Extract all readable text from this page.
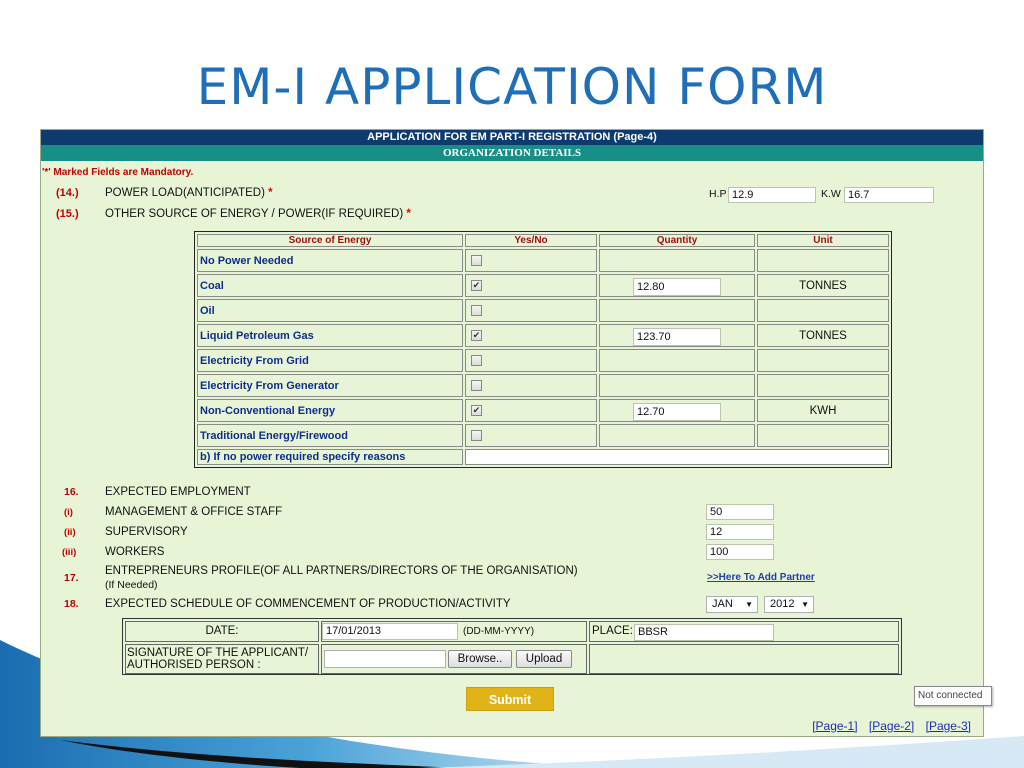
EM-I APPLICATION FORM
APPLICATION FOR EM PART-I REGISTRATION (Page-4)
ORGANIZATION DETAILS
'*' Marked Fields are Mandatory.
(14.) POWER LOAD(ANTICIPATED) *	H.P 12.9	K.W 16.7
(15.) OTHER SOURCE OF ENERGY / POWER(IF REQUIRED) *
Source of Energy	Yes/No	Quantity	Unit
No Power Needed			
Coal	✔	12.80	TONNES
Oil			
Liquid Petroleum Gas	✔	123.70	TONNES
Electricity From Grid			
Electricity From Generator			
Non-Conventional Energy	✔	12.70	KWH
Traditional Energy/Firewood			
b) If no power required specify reasons			
16. EXPECTED EMPLOYMENT
(i)	MANAGEMENT & OFFICE STAFF	50
(ii)	SUPERVISORY	12
(iii)	WORKERS	100
17.
ENTREPRENEURS PROFILE(OF ALL PARTNERS/DIRECTORS OF THE ORGANISATION)
(If Needed)
>>Here To Add Partner
18. EXPECTED SCHEDULE OF COMMENCEMENT OF PRODUCTION/ACTIVITY	JAN ▼	2012 ▼
DATE:	17/01/2013	(DD-MM-YYYY)	PLACE: BBSR
SIGNATURE OF THE APPLICANT/
AUTHORISED PERSON :	Browse..	Upload
Submit
[Page-1] [Page-2] [Page-3]
Not connected
